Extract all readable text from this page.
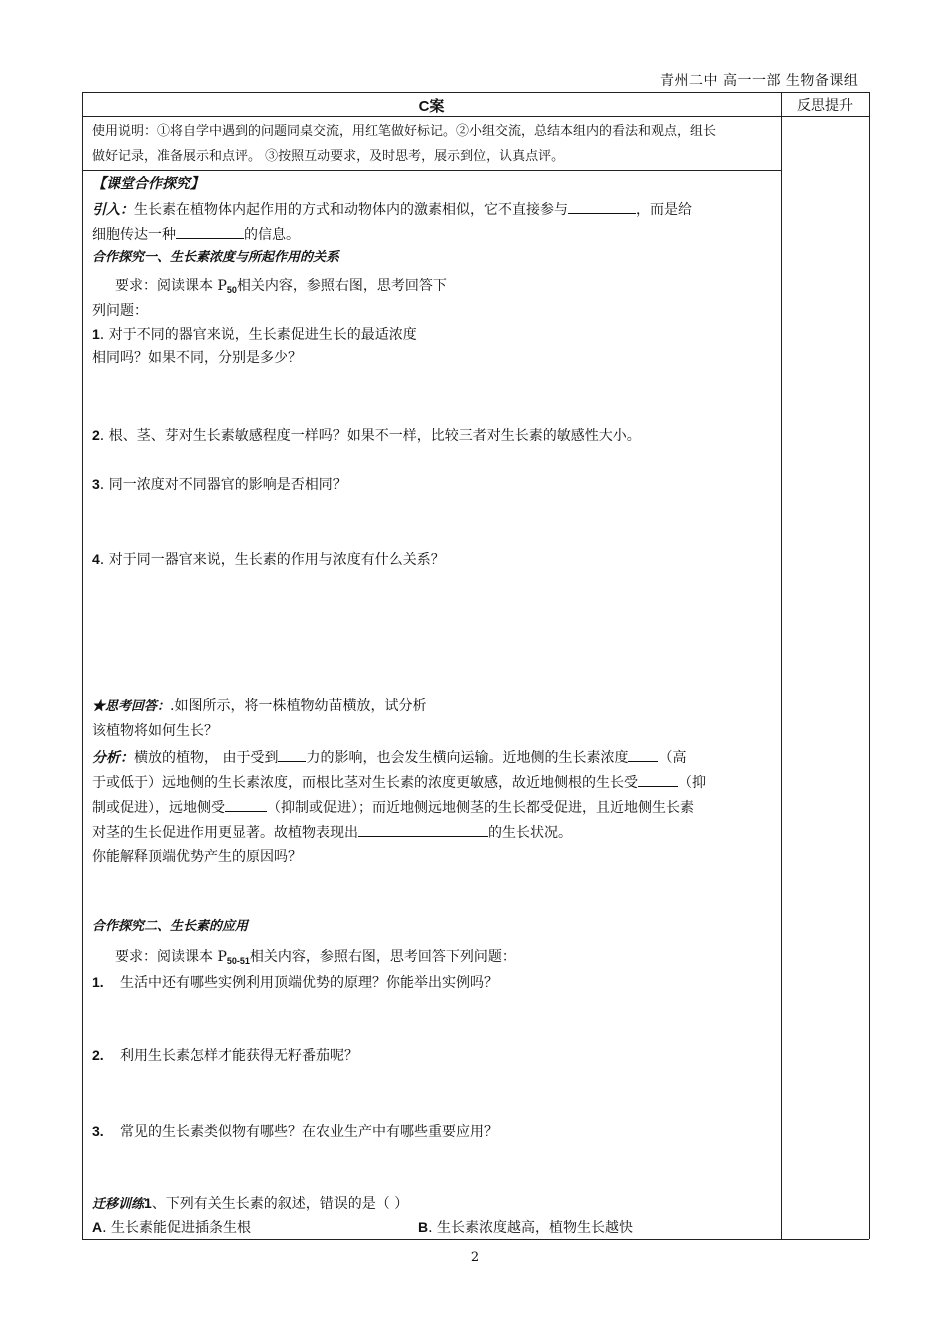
青州二中 高一一部 生物备课组
C案	反思提升
使用说明：①将自学中遇到的问题同桌交流，用红笔做好标记。②小组交流，总结本组内的看法和观点，组长
做好记录，准备展示和点评。 ③按照互动要求，及时思考，展示到位，认真点评。
【课堂合作探究】
引入：生长素在植物体内起作用的方式和动物体内的激素相似，它不直接参与	，而是给
细胞传达一种	的信息。
合作探究一、生长素浓度与所起作用的关系
要求：阅读课本 $P_{50}$相关内容，参照右图，思考回答下
列问题：
1. 对于不同的器官来说，生长素促进生长的最适浓度
相同吗？如果不同，分别是多少？
2. 根、茎、芽对生长素敏感程度一样吗？如果不一样，比较三者对生长素的敏感性大小。
3. 同一浓度对不同器官的影响是否相同？
4. 对于同一器官来说，生长素的作用与浓度有什么关系？
★思考回答：.如图所示，将一株植物幼苗横放，试分析
该植物将如何生长？
分析：横放的植物， 由于受到 力的影响，也会发生横向运输。近地侧的生长素浓度 （高
于或低于）远地侧的生长素浓度，而根比茎对生长素的浓度更敏感，故近地侧根的生长受	（抑
制或促进），远地侧受	（抑制或促进）；而近地侧远地侧茎的生长都受促进，且近地侧生长素
对茎的生长促进作用更显著。故植物表现出	的生长状况。
你能解释顶端优势产生的原因吗？
合作探究二、生长素的应用
要求：阅读课本 $P_{50-51}$相关内容，参照右图，思考回答下列问题：
1. 生活中还有哪些实例利用顶端优势的原理？你能举出实例吗？
2. 利用生长素怎样才能获得无籽番茄呢？
3. 常见的生长素类似物有哪些？在农业生产中有哪些重要应用？
迁移训练1、下列有关生长素的叙述，错误的是（ ）
A. 生长素能促进插条生根	B. 生长素浓度越高，植物生长越快
2
